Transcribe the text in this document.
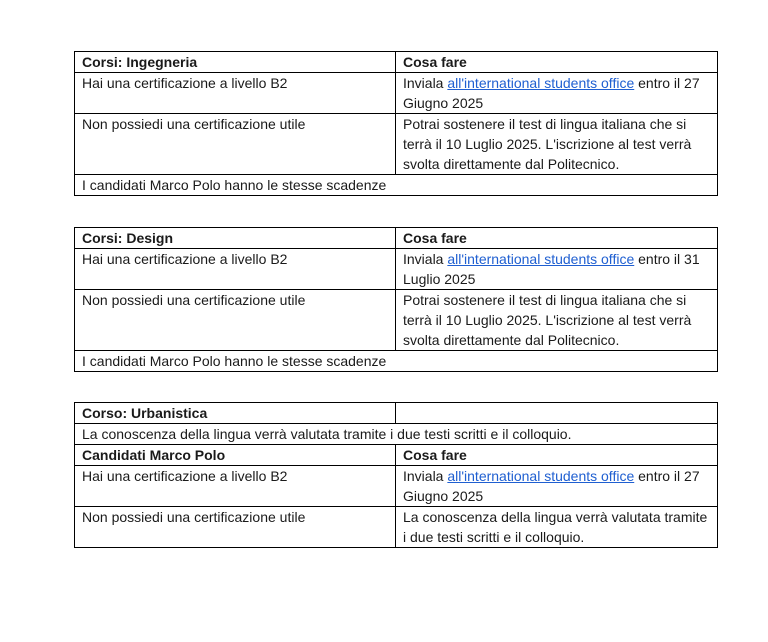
Corsi: Ingegneria	Cosa fare
Hai una certificazione a livello B2	Inviala all'international students office entro il 27 Giugno 2025
Non possiedi una certificazione utile	Potrai sostenere il test di lingua italiana che si terrà il 10 Luglio 2025. L'iscrizione al test verrà svolta direttamente dal Politecnico.
I candidati Marco Polo hanno le stesse scadenze	
Corsi: Design	Cosa fare
Hai una certificazione a livello B2	Inviala all'international students office entro il 31 Luglio 2025
Non possiedi una certificazione utile	Potrai sostenere il test di lingua italiana che si terrà il 10 Luglio 2025. L'iscrizione al test verrà svolta direttamente dal Politecnico.
I candidati Marco Polo hanno le stesse scadenze	
Corso: Urbanistica	
La conoscenza della lingua verrà valutata tramite i due testi scritti e il colloquio.	
Candidati Marco Polo	Cosa fare
Hai una certificazione a livello B2	Inviala all'international students office entro il 27 Giugno 2025
Non possiedi una certificazione utile	La conoscenza della lingua verrà valutata tramite i due testi scritti e il colloquio.
